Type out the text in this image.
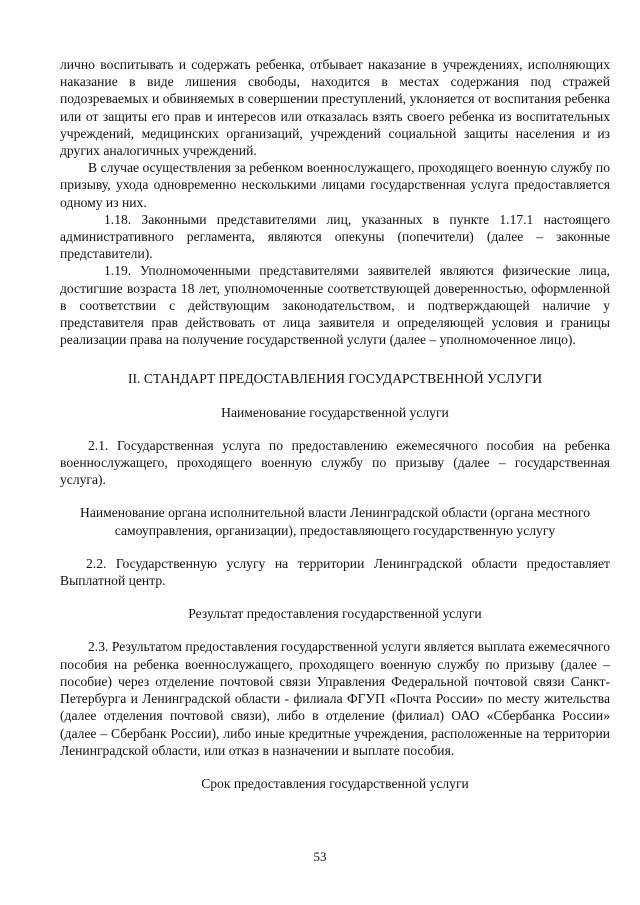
лично воспитывать и содержать ребенка, отбывает наказание в учреждениях, исполняющих наказание в виде лишения свободы, находится в местах содержания под стражей подозреваемых и обвиняемых в совершении преступлений, уклоняется от воспитания ребенка или от защиты его прав и интересов или отказалась взять своего ребенка из воспитательных учреждений, медицинских организаций, учреждений социальной защиты населения и из других аналогичных учреждений.

В случае осуществления за ребенком военнослужащего, проходящего военную службу по призыву, ухода одновременно несколькими лицами государственная услуга предоставляется одному из них.

1.18. Законными представителями лиц, указанных в пункте 1.17.1 настоящего административного регламента, являются опекуны (попечители) (далее – законные представители).

1.19. Уполномоченными представителями заявителей являются физические лица, достигшие возраста 18 лет, уполномоченные соответствующей доверенностью, оформленной в соответствии с действующим законодательством, и подтверждающей наличие у представителя прав действовать от лица заявителя и определяющей условия и границы реализации права на получение государственной услуги (далее – уполномоченное лицо).

II. СТАНДАРТ ПРЕДОСТАВЛЕНИЯ ГОСУДАРСТВЕННОЙ УСЛУГИ

Наименование государственной услуги

2.1. Государственная услуга по предоставлению ежемесячного пособия на ребенка военнослужащего, проходящего военную службу по призыву (далее – государственная услуга).

Наименование органа исполнительной власти Ленинградской области (органа местного самоуправления, организации), предоставляющего государственную услугу

2.2. Государственную услугу на территории Ленинградской области предоставляет Выплатной центр.

Результат предоставления государственной услуги

2.3. Результатом предоставления государственной услуги является выплата ежемесячного пособия на ребенка военнослужащего, проходящего военную службу по призыву (далее – пособие) через отделение почтовой связи Управления Федеральной почтовой связи Санкт-Петербурга и Ленинградской области - филиала ФГУП «Почта России» по месту жительства (далее отделения почтовой связи), либо в отделение (филиал) ОАО «Сбербанка России» (далее – Сбербанк России), либо иные кредитные учреждения, расположенные на территории Ленинградской области, или отказ в назначении и выплате пособия.

Срок предоставления государственной услуги

53
